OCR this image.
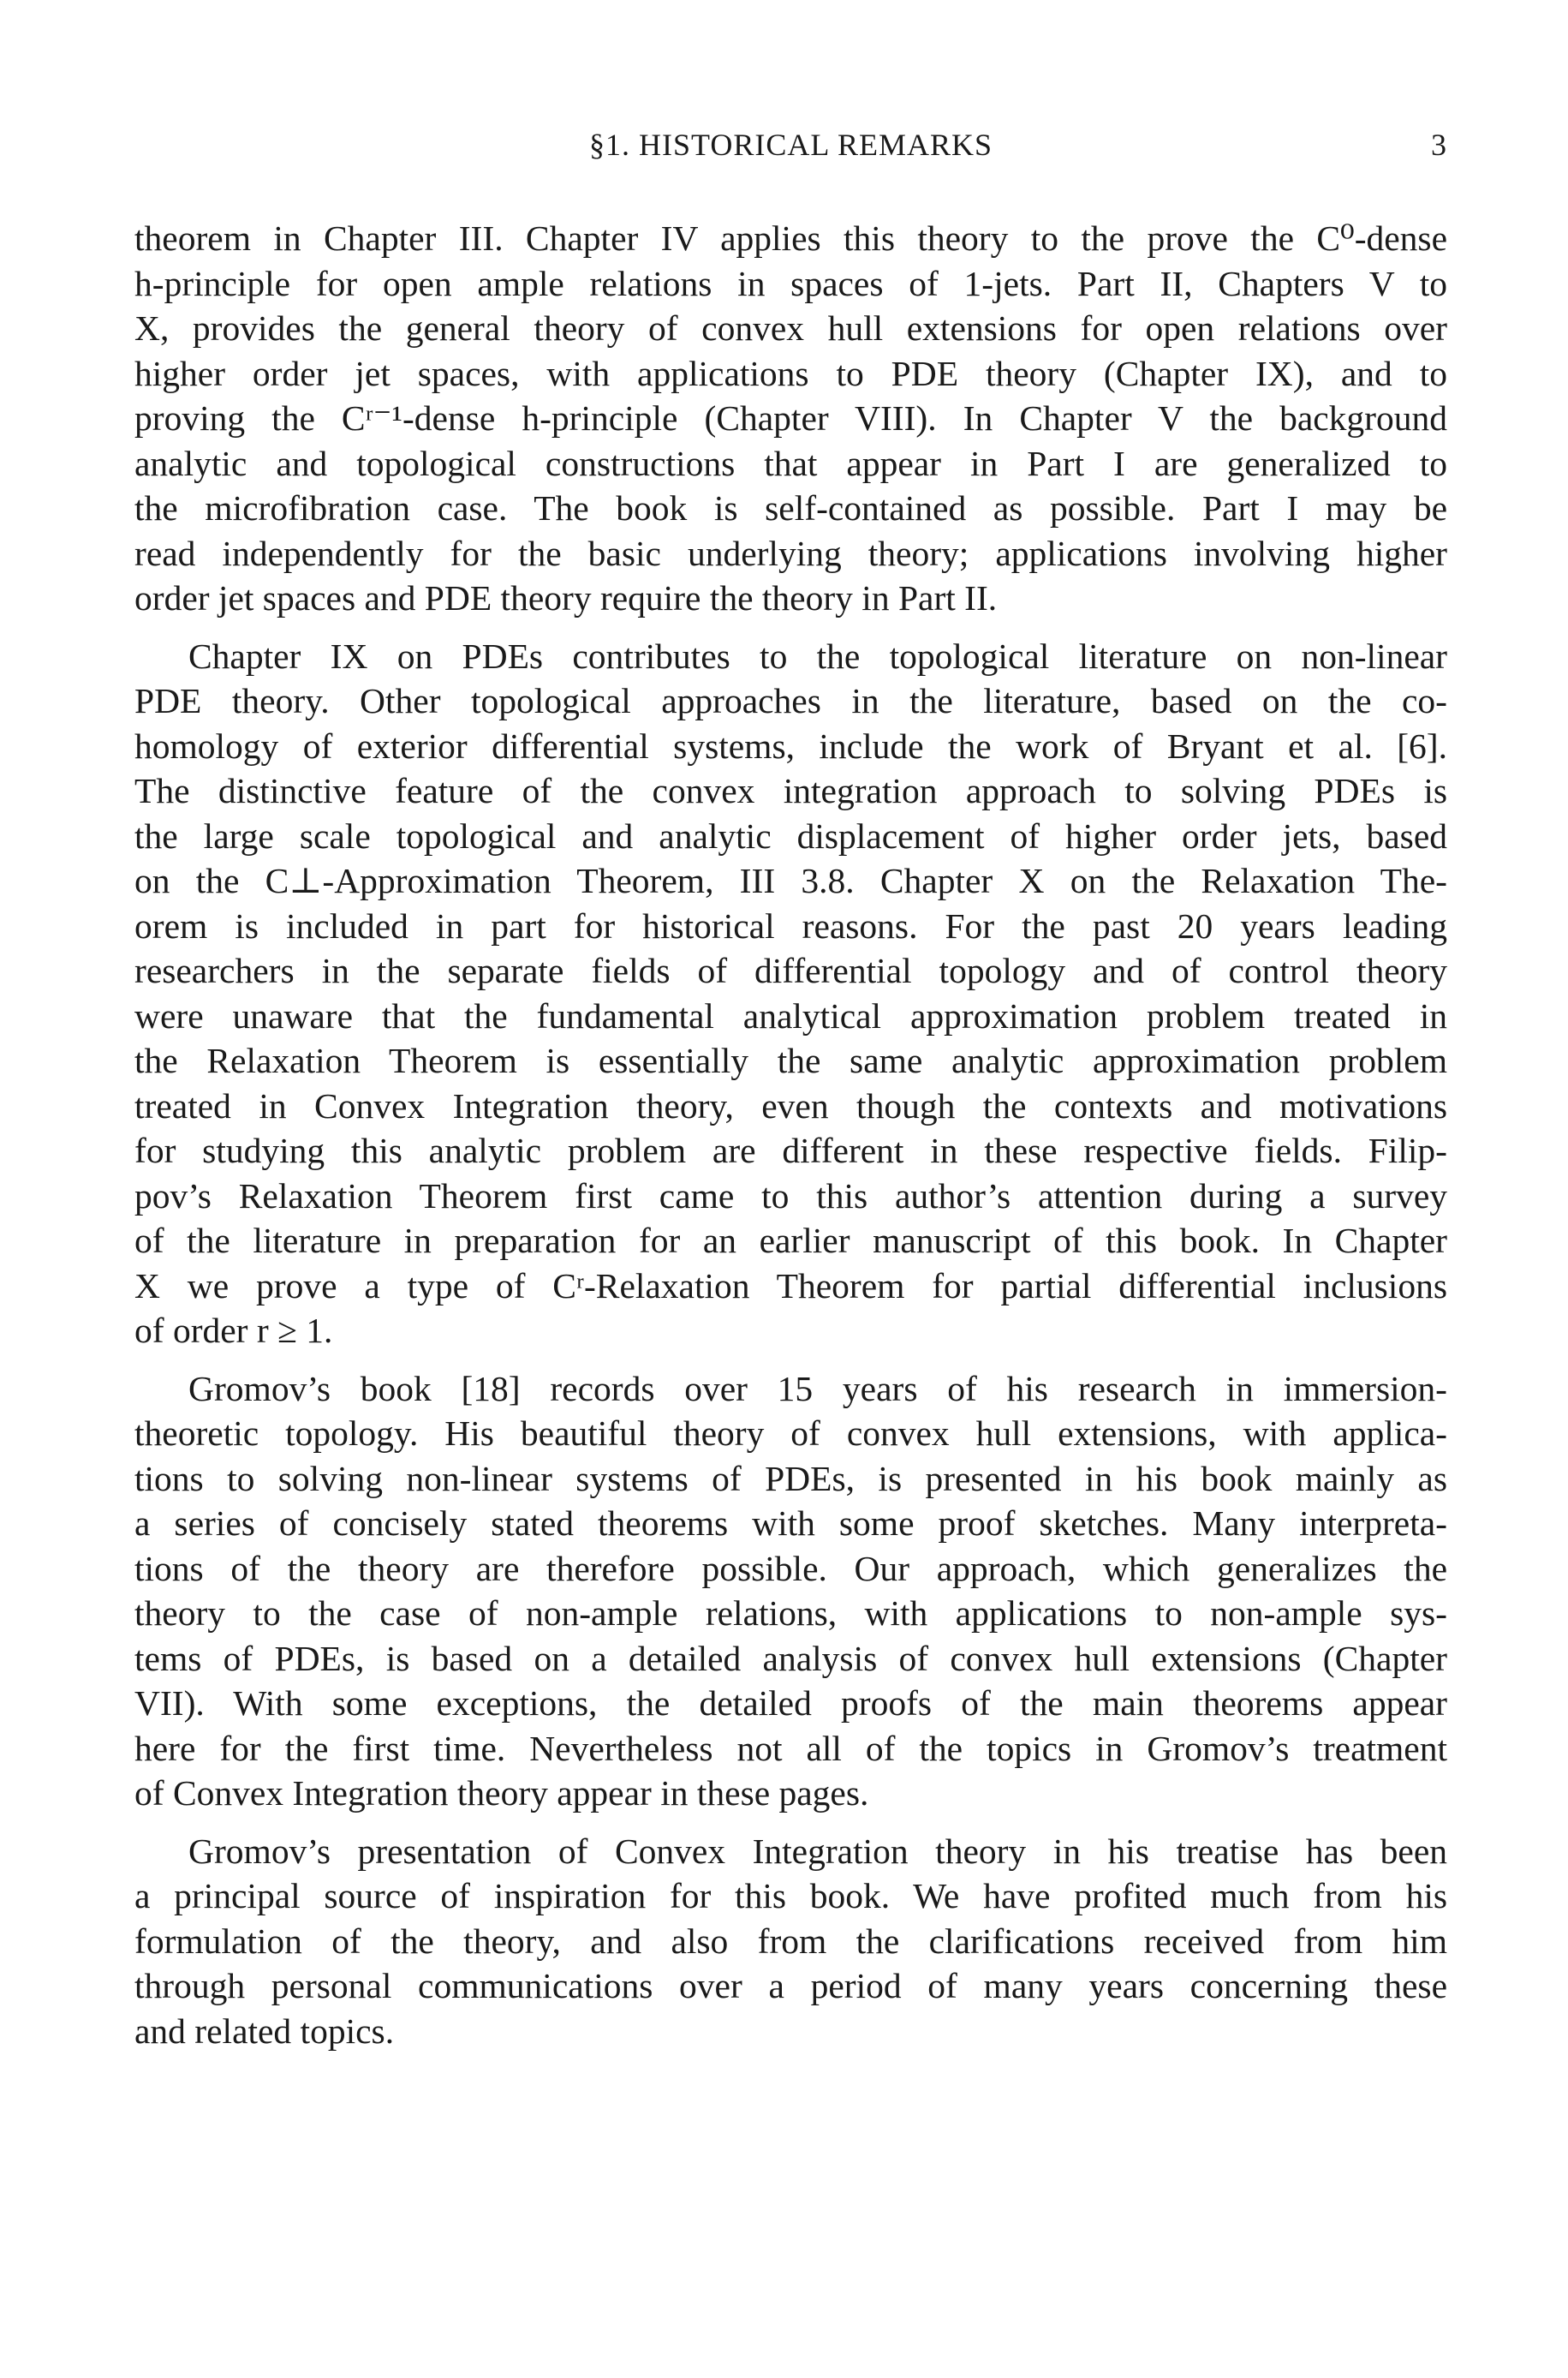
§1. HISTORICAL REMARKS	3
theorem in Chapter III. Chapter IV applies this theory to the prove the C⁰-dense
h-principle for open ample relations in spaces of 1-jets. Part II, Chapters V to
X, provides the general theory of convex hull extensions for open relations over
higher order jet spaces, with applications to PDE theory (Chapter IX), and to
proving the Cʳ⁻¹-dense h-principle (Chapter VIII). In Chapter V the background
analytic and topological constructions that appear in Part I are generalized to
the microfibration case. The book is self-contained as possible. Part I may be
read independently for the basic underlying theory; applications involving higher
order jet spaces and PDE theory require the theory in Part II.
Chapter IX on PDEs contributes to the topological literature on non-linear
PDE theory. Other topological approaches in the literature, based on the co-
homology of exterior differential systems, include the work of Bryant et al. [6].
The distinctive feature of the convex integration approach to solving PDEs is
the large scale topological and analytic displacement of higher order jets, based
on the C⊥-Approximation Theorem, III 3.8. Chapter X on the Relaxation The-
orem is included in part for historical reasons. For the past 20 years leading
researchers in the separate fields of differential topology and of control theory
were unaware that the fundamental analytical approximation problem treated in
the Relaxation Theorem is essentially the same analytic approximation problem
treated in Convex Integration theory, even though the contexts and motivations
for studying this analytic problem are different in these respective fields. Filip-
pov’s Relaxation Theorem first came to this author’s attention during a survey
of the literature in preparation for an earlier manuscript of this book. In Chapter
X we prove a type of Cʳ-Relaxation Theorem for partial differential inclusions
of order r ≥ 1.
Gromov’s book [18] records over 15 years of his research in immersion-
theoretic topology. His beautiful theory of convex hull extensions, with applica-
tions to solving non-linear systems of PDEs, is presented in his book mainly as
a series of concisely stated theorems with some proof sketches. Many interpreta-
tions of the theory are therefore possible. Our approach, which generalizes the
theory to the case of non-ample relations, with applications to non-ample sys-
tems of PDEs, is based on a detailed analysis of convex hull extensions (Chapter
VII). With some exceptions, the detailed proofs of the main theorems appear
here for the first time. Nevertheless not all of the topics in Gromov’s treatment
of Convex Integration theory appear in these pages.
Gromov’s presentation of Convex Integration theory in his treatise has been
a principal source of inspiration for this book. We have profited much from his
formulation of the theory, and also from the clarifications received from him
through personal communications over a period of many years concerning these
and related topics.
